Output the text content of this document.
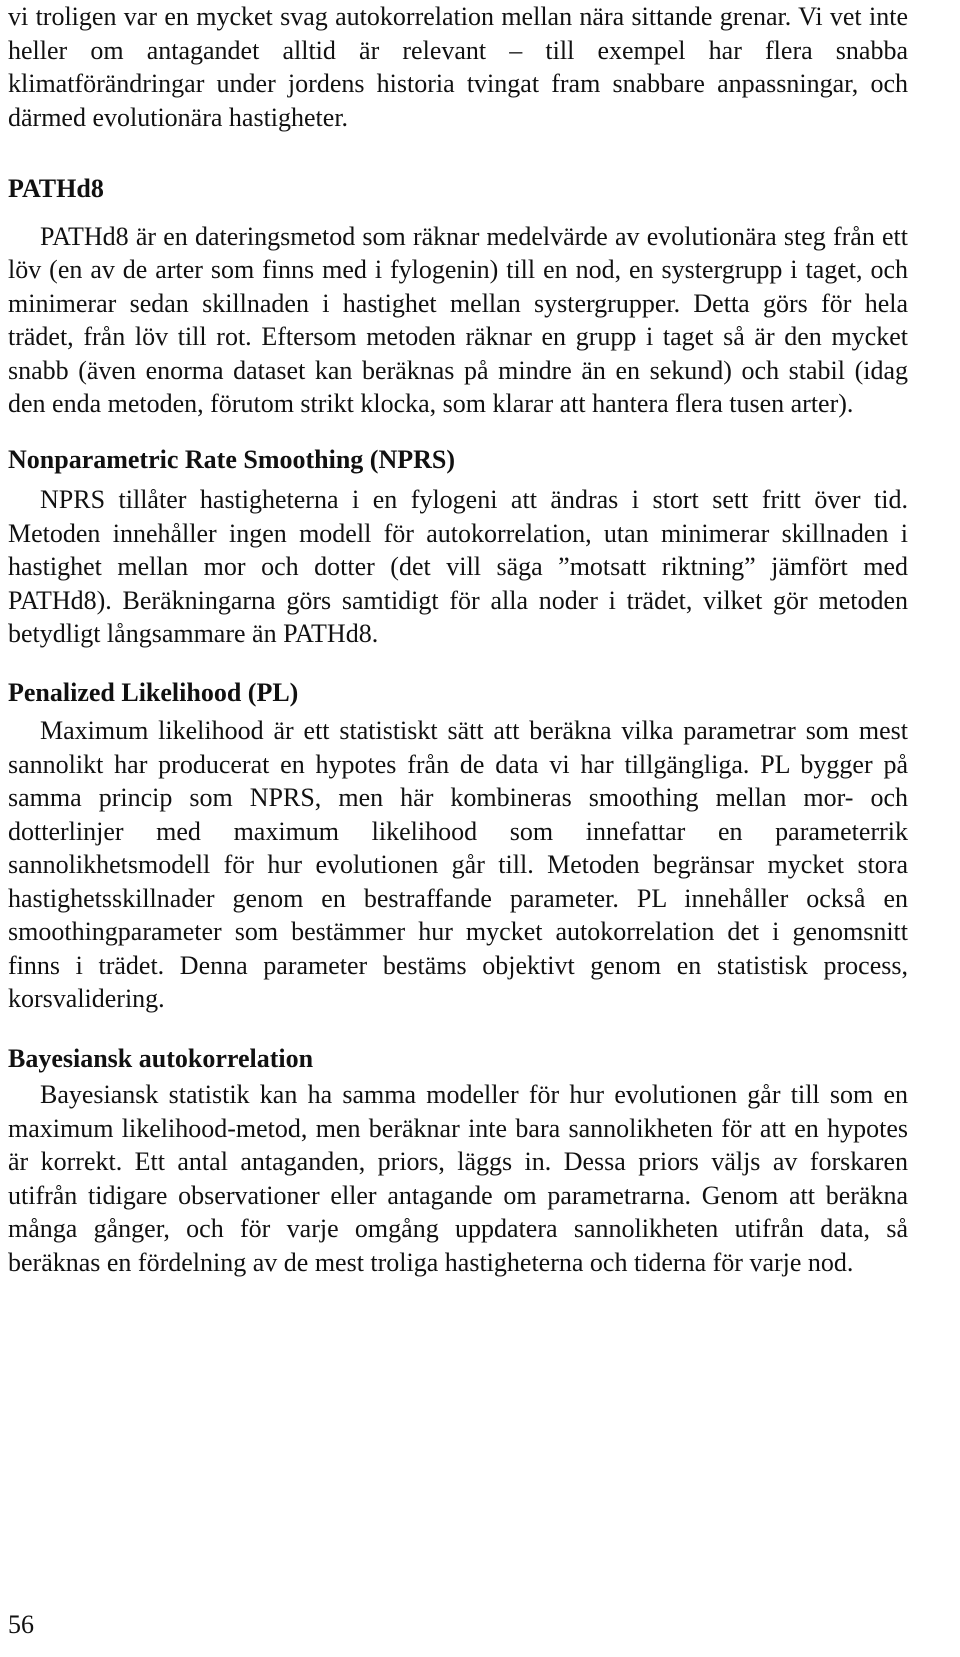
vi troligen var en mycket svag autokorrelation mellan nära sittande grenar. Vi vet inte heller om antagandet alltid är relevant – till exempel har flera snabba klimatförändringar under jordens historia tvingat fram snabbare anpassningar, och därmed evolutionära hastigheter.

PATHd8

PATHd8 är en dateringsmetod som räknar medelvärde av evolutionära steg från ett löv (en av de arter som finns med i fylogenin) till en nod, en systergrupp i taget, och minimerar sedan skillnaden i hastighet mellan systergrupper. Detta görs för hela trädet, från löv till rot. Eftersom metoden räknar en grupp i taget så är den mycket snabb (även enorma dataset kan beräknas på mindre än en sekund) och stabil (idag den enda metoden, förutom strikt klocka, som klarar att hantera flera tusen arter).

Nonparametric Rate Smoothing (NPRS)

NPRS tillåter hastigheterna i en fylogeni att ändras i stort sett fritt över tid. Metoden innehåller ingen modell för autokorrelation, utan minimerar skillnaden i hastighet mellan mor och dotter (det vill säga ”motsatt riktning” jämfört med PATHd8). Beräkningarna görs samtidigt för alla noder i trädet, vilket gör metoden betydligt långsammare än PATHd8.

Penalized Likelihood (PL)

Maximum likelihood är ett statistiskt sätt att beräkna vilka parametrar som mest sannolikt har producerat en hypotes från de data vi har tillgängliga. PL bygger på samma princip som NPRS, men här kombineras smoothing mellan mor- och dotterlinjer med maximum likelihood som innefattar en parameterrik sannolikhetsmodell för hur evolutionen går till. Metoden begränsar mycket stora hastighetsskillnader genom en bestraffande parameter. PL innehåller också en smoothingparameter som bestämmer hur mycket autokorrelation det i genomsnitt finns i trädet. Denna parameter bestäms objektivt genom en statistisk process, korsvalidering.

Bayesiansk autokorrelation

Bayesiansk statistik kan ha samma modeller för hur evolutionen går till som en maximum likelihood-metod, men beräknar inte bara sannolikheten för att en hypotes är korrekt. Ett antal antaganden, priors, läggs in. Dessa priors väljs av forskaren utifrån tidigare observationer eller antagande om parametrarna. Genom att beräkna många gånger, och för varje omgång uppdatera sannolikheten utifrån data, så beräknas en fördelning av de mest troliga hastigheterna och tiderna för varje nod.

56
